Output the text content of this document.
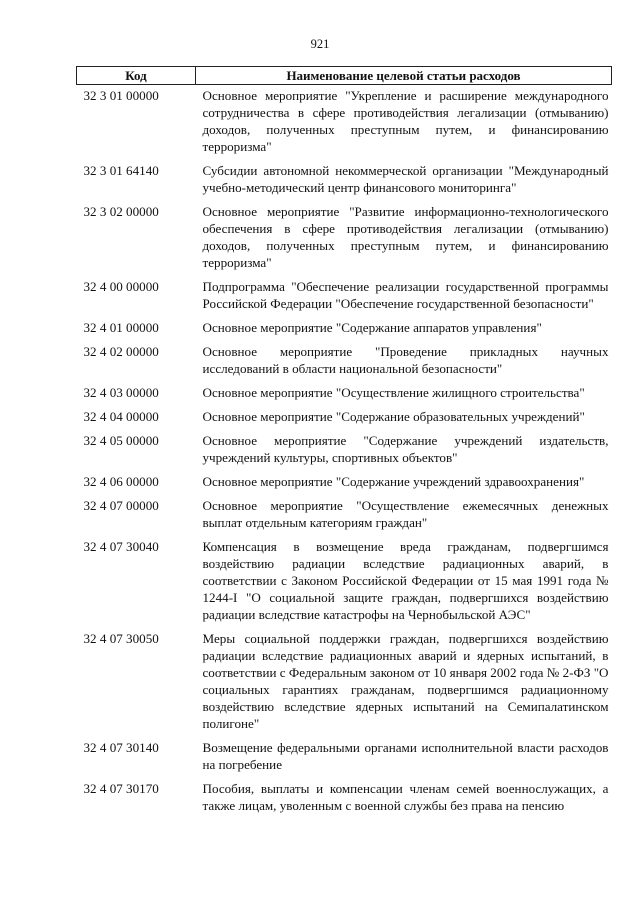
921
Код	Наименование целевой статьи расходов
32 3 01 00000	Основное мероприятие "Укрепление и расширение международного сотрудничества в сфере противодействия легализации (отмыванию) доходов, полученных преступным путем, и финансированию терроризма"
32 3 01 64140	Субсидии автономной некоммерческой организации "Международный учебно-методический центр финансового мониторинга"
32 3 02 00000	Основное мероприятие "Развитие информационно-технологического обеспечения в сфере противодействия легализации (отмыванию) доходов, полученных преступным путем, и финансированию терроризма"
32 4 00 00000	Подпрограмма "Обеспечение реализации государственной программы Российской Федерации "Обеспечение государственной безопасности"
32 4 01 00000	Основное мероприятие "Содержание аппаратов управления"
32 4 02 00000	Основное мероприятие "Проведение прикладных научных исследований в области национальной безопасности"
32 4 03 00000	Основное мероприятие "Осуществление жилищного строительства"
32 4 04 00000	Основное мероприятие "Содержание образовательных учреждений"
32 4 05 00000	Основное мероприятие "Содержание учреждений издательств, учреждений культуры, спортивных объектов"
32 4 06 00000	Основное мероприятие "Содержание учреждений здравоохранения"
32 4 07 00000	Основное мероприятие "Осуществление ежемесячных денежных выплат отдельным категориям граждан"
32 4 07 30040	Компенсация в возмещение вреда гражданам, подвергшимся воздействию радиации вследствие радиационных аварий, в соответствии с Законом Российской Федерации от 15 мая 1991 года № 1244-I "О социальной защите граждан, подвергшихся воздействию радиации вследствие катастрофы на Чернобыльской АЭС"
32 4 07 30050	Меры социальной поддержки граждан, подвергшихся воздействию радиации вследствие радиационных аварий и ядерных испытаний, в соответствии с Федеральным законом от 10 января 2002 года № 2-ФЗ "О социальных гарантиях гражданам, подвергшимся радиационному воздействию вследствие ядерных испытаний на Семипалатинском полигоне"
32 4 07 30140	Возмещение федеральными органами исполнительной власти расходов на погребение
32 4 07 30170	Пособия, выплаты и компенсации членам семей военнослужащих, а также лицам, уволенным с военной службы без права на пенсию
